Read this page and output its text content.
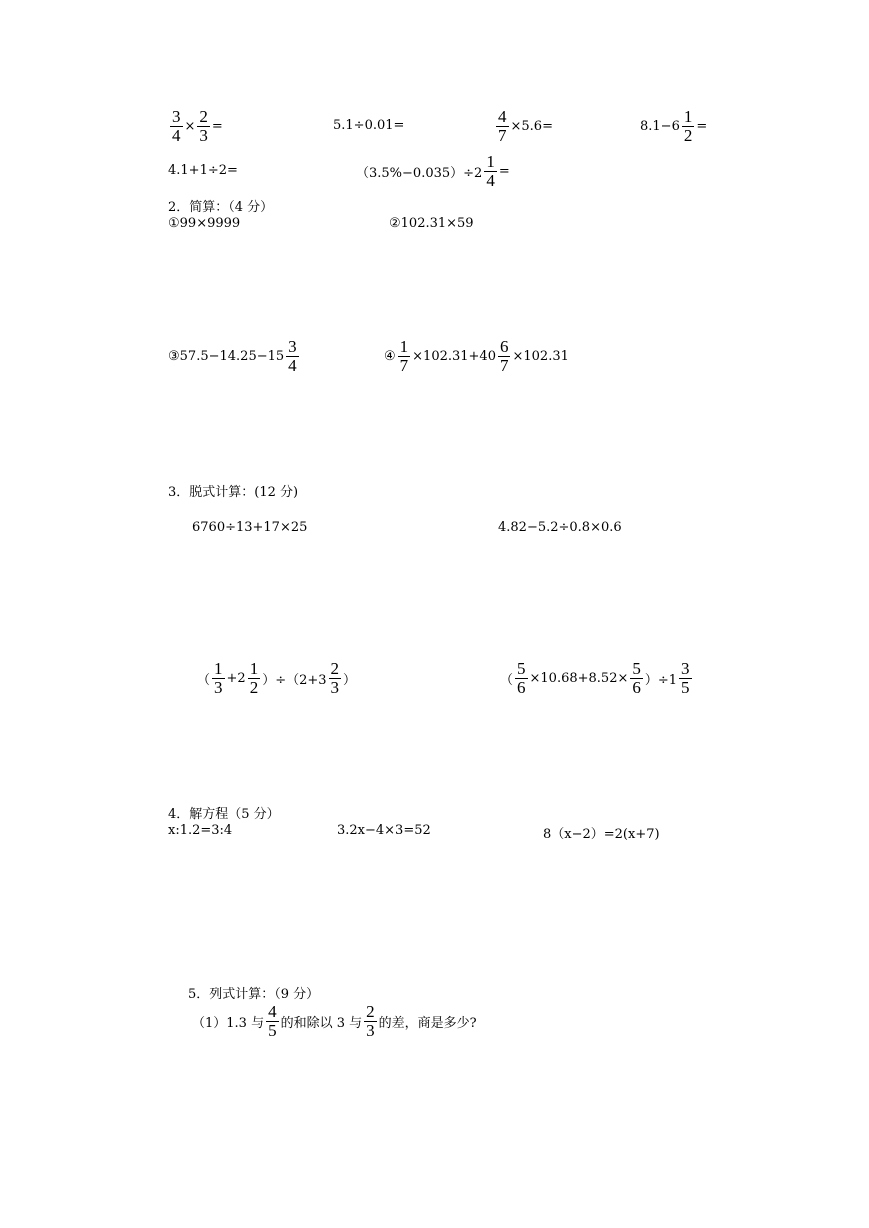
$\frac{3}{4} \times \frac{2}{3}$ =	5.1÷0.01=	$\frac{4}{7} \times 5.6=$	$8.1-6 \frac{1}{2}$ =
4.1+1÷2=	$(3.5\%-0.035)\div 2 \frac{1}{4}$ =
2．简算：（4 分）
①99×9999	②102.31×59
③57.5−14.25−15 $\frac{3}{4}$	④ $\frac{1}{7} \times 102.31+40 \frac{6}{7} \times 102.31$
3．脱式计算：(12 分)
6760÷13+17×25	4.82−5.2÷0.8×0.6
（ $\frac{1}{3} +2 \frac{1}{2} )\div(2+3 \frac{2}{3}$ ）	（ $\frac{5}{6} \times 10.68+8.52\times \frac{5}{6} )\div 1 \frac{3}{5}$
4．解方程（5 分）
x:1.2=3:4	3.2x−4×3=52	8（x−2）=2(x+7)
5．列式计算：（9 分）
（1）1.3 与 $\frac{4}{5}$ 的和除以 3 与 $\frac{2}{3}$ 的差，商是多少?
